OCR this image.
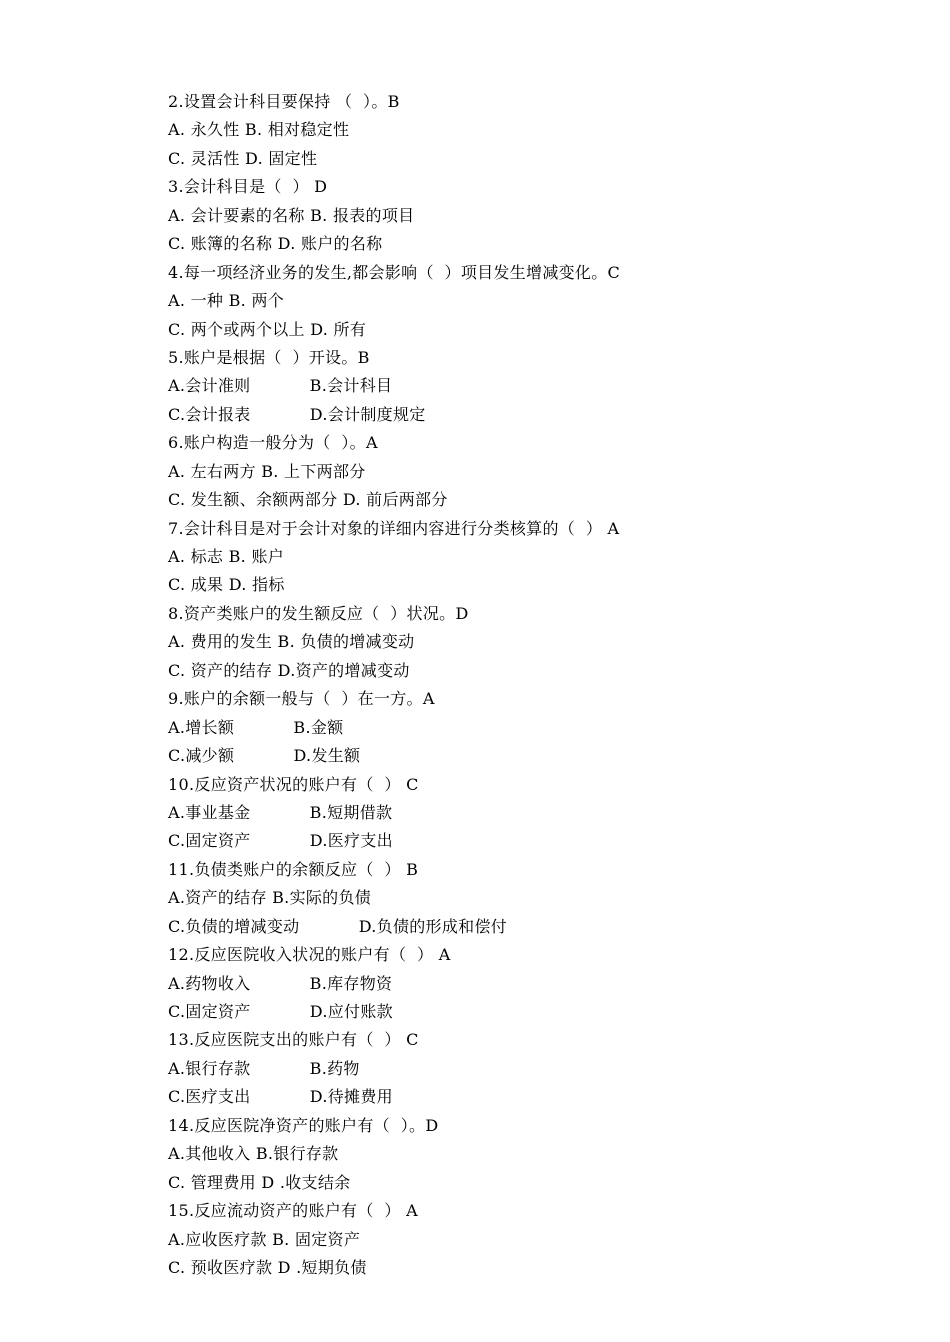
2.设置会计科目要保持 （  ）。B
A. 永久性 B. 相对稳定性
C. 灵活性 D. 固定性
3.会计科目是（  ） D
A. 会计要素的名称 B. 报表的项目
C. 账簿的名称 D. 账户的名称
4.每一项经济业务的发生,都会影响（  ）项目发生增减变化。C
A. 一种 B. 两个
C. 两个或两个以上 D. 所有
5.账户是根据（  ）开设。B
A.会计准则           B.会计科目
C.会计报表           D.会计制度规定
6.账户构造一般分为（  ）。A
A. 左右两方 B. 上下两部分
C. 发生额、余额两部分 D. 前后两部分
7.会计科目是对于会计对象的详细内容进行分类核算的（  ） A
A. 标志 B. 账户
C. 成果 D. 指标
8.资产类账户的发生额反应（  ）状况。D
A. 费用的发生 B. 负债的增减变动
C. 资产的结存 D.资产的增减变动
9.账户的余额一般与（  ）在一方。A
A.增长额           B.金额
C.减少额           D.发生额
10.反应资产状况的账户有（  ） C
A.事业基金           B.短期借款
C.固定资产           D.医疗支出
11.负债类账户的余额反应（  ） B
A.资产的结存 B.实际的负债
C.负债的增减变动           D.负债的形成和偿付
12.反应医院收入状况的账户有（  ） A
A.药物收入           B.库存物资
C.固定资产           D.应付账款
13.反应医院支出的账户有（  ） C
A.银行存款           B.药物
C.医疗支出           D.待摊费用
14.反应医院净资产的账户有（  ）。D
A.其他收入 B.银行存款
C. 管理费用 D .收支结余
15.反应流动资产的账户有（  ） A
A.应收医疗款 B. 固定资产
C. 预收医疗款 D .短期负债
